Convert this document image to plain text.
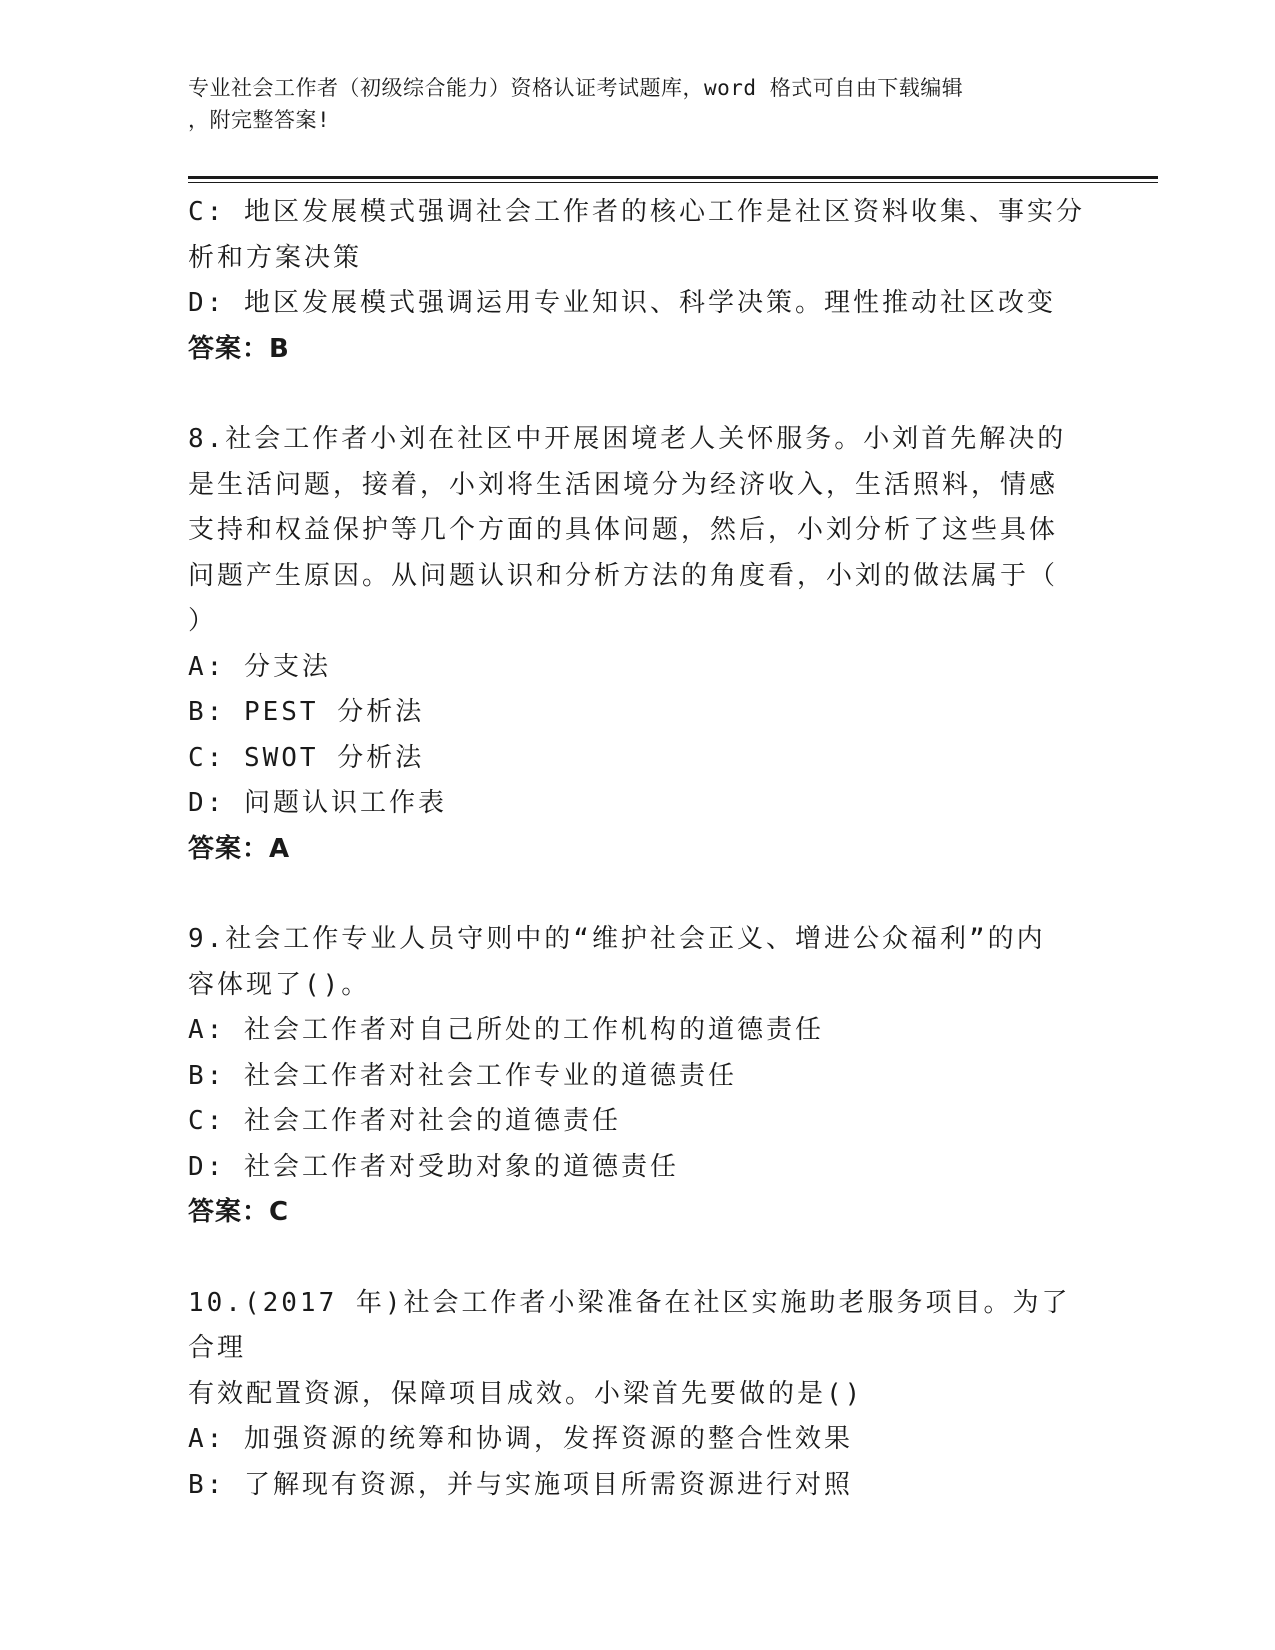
专业社会工作者（初级综合能力）资格认证考试题库，word 格式可自由下载编辑
，附完整答案!
C: 地区发展模式强调社会工作者的核心工作是社区资料收集、事实分
析和方案决策
D: 地区发展模式强调运用专业知识、科学决策。理性推动社区改变
答案：B
8.社会工作者小刘在社区中开展困境老人关怀服务。小刘首先解决的
是生活问题，接着，小刘将生活困境分为经济收入，生活照料，情感
支持和权益保护等几个方面的具体问题，然后，小刘分析了这些具体
问题产生原因。从问题认识和分析方法的角度看，小刘的做法属于（
）
A: 分支法
B: PEST 分析法
C: SWOT 分析法
D: 问题认识工作表
答案：A
9.社会工作专业人员守则中的“维护社会正义、增进公众福利”的内
容体现了()。
A: 社会工作者对自己所处的工作机构的道德责任
B: 社会工作者对社会工作专业的道德责任
C: 社会工作者对社会的道德责任
D: 社会工作者对受助对象的道德责任
答案：C
10.(2017 年)社会工作者小梁准备在社区实施助老服务项目。为了合理
有效配置资源，保障项目成效。小梁首先要做的是()
A: 加强资源的统筹和协调，发挥资源的整合性效果
B: 了解现有资源，并与实施项目所需资源进行对照
